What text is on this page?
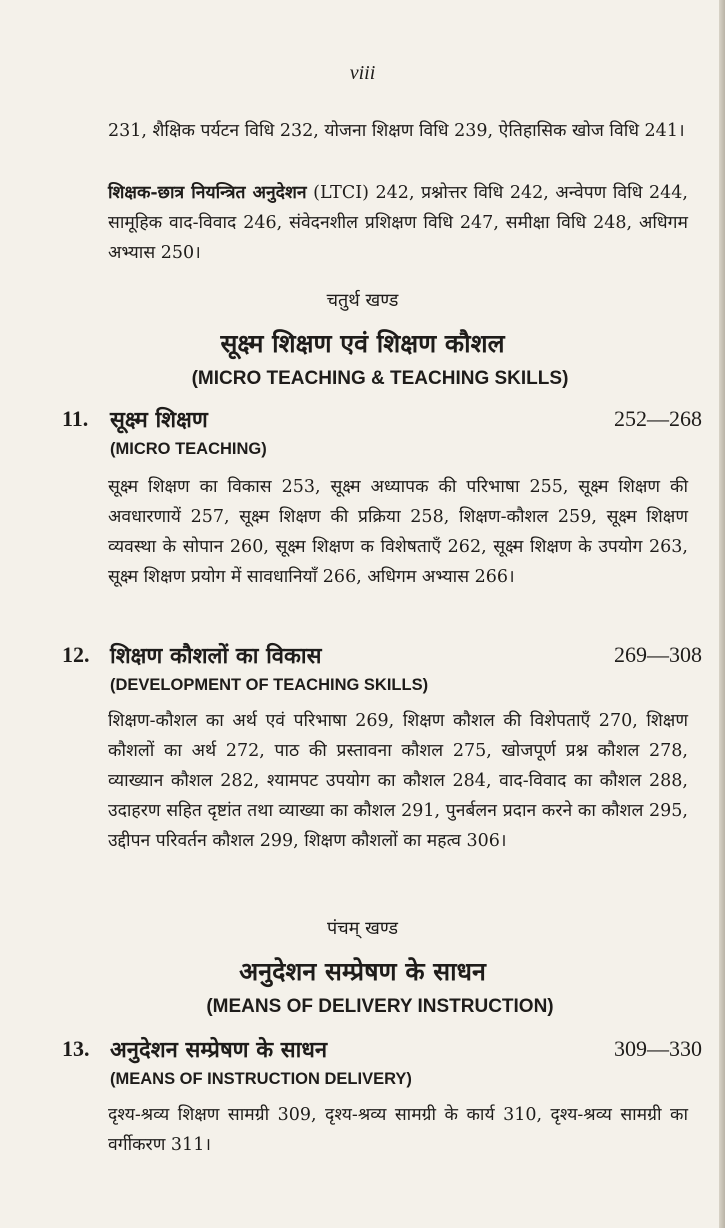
viii
231, शैक्षिक पर्यटन विधि 232, योजना शिक्षण विधि 239, ऐतिहासिक खोज विधि 241।
शिक्षक-छात्र नियन्त्रित अनुदेशन (LTCI) 242, प्रश्नोत्तर विधि 242, अन्वेपण विधि 244, सामूहिक वाद-विवाद 246, संवेदनशील प्रशिक्षण विधि 247, समीक्षा विधि 248, अधिगम अभ्यास 250।
चतुर्थ खण्ड
सूक्ष्म शिक्षण एवं शिक्षण कौशल
(MICRO TEACHING & TEACHING SKILLS)
11. सूक्ष्म शिक्षण	252—268
(MICRO TEACHING)
सूक्ष्म शिक्षण का विकास 253, सूक्ष्म अध्यापक की परिभाषा 255, सूक्ष्म शिक्षण की अवधारणायें 257, सूक्ष्म शिक्षण की प्रक्रिया 258, शिक्षण-कौशल 259, सूक्ष्म शिक्षण व्यवस्था के सोपान 260, सूक्ष्म शिक्षण क विशेषताएँ 262, सूक्ष्म शिक्षण के उपयोग 263, सूक्ष्म शिक्षण प्रयोग में सावधानियाँ 266, अधिगम अभ्यास 266।
12. शिक्षण कौशलों का विकास	269—308
(DEVELOPMENT OF TEACHING SKILLS)
शिक्षण-कौशल का अर्थ एवं परिभाषा 269, शिक्षण कौशल की विशेपताएँ 270, शिक्षण कौशलों का अर्थ 272, पाठ की प्रस्तावना कौशल 275, खोजपूर्ण प्रश्न कौशल 278, व्याख्यान कौशल 282, श्यामपट उपयोग का कौशल 284, वाद-विवाद का कौशल 288, उदाहरण सहित दृष्टांत तथा व्याख्या का कौशल 291, पुनर्बलन प्रदान करने का कौशल 295, उद्दीपन परिवर्तन कौशल 299, शिक्षण कौशलों का महत्व 306।
पंचम् खण्ड
अनुदेशन सम्प्रेषण के साधन
(MEANS OF DELIVERY INSTRUCTION)
13. अनुदेशन सम्प्रेषण के साधन	309—330
(MEANS OF INSTRUCTION DELIVERY)
दृश्य-श्रव्य शिक्षण सामग्री 309, दृश्य-श्रव्य सामग्री के कार्य 310, दृश्य-श्रव्य सामग्री का वर्गीकरण 311।
